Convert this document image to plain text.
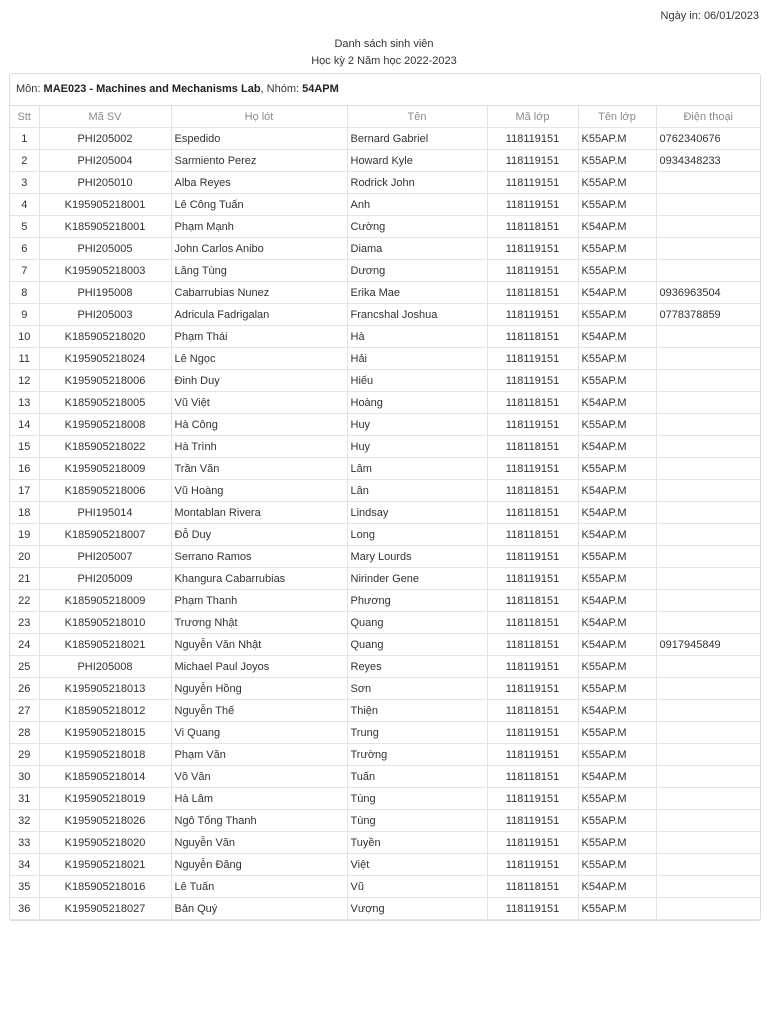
Ngày in: 06/01/2023
Danh sách sinh viên
Học kỳ 2 Năm học 2022-2023
Môn: MAE023 - Machines and Mechanisms Lab, Nhóm: 54APM
Stt	Mã SV	Họ lót	Tên	Mã lớp	Tên lớp	Điện thoại
1	PHI205002	Espedido	Bernard Gabriel	118119151	K55AP.M	0762340676
2	PHI205004	Sarmiento Perez	Howard Kyle	118119151	K55AP.M	0934348233
3	PHI205010	Alba Reyes	Rodrick John	118119151	K55AP.M	
4	K195905218001	Lê Công Tuấn	Anh	118119151	K55AP.M	
5	K185905218001	Phạm Mạnh	Cường	118118151	K54AP.M	
6	PHI205005	John Carlos Anibo	Diama	118119151	K55AP.M	
7	K195905218003	Lăng Tùng	Dương	118119151	K55AP.M	
8	PHI195008	Cabarrubias Nunez	Erika Mae	118118151	K54AP.M	0936963504
9	PHI205003	Adricula Fadrigalan	Francshal Joshua	118119151	K55AP.M	0778378859
10	K185905218020	Phạm Thái	Hà	118118151	K54AP.M	
11	K195905218024	Lê Ngọc	Hải	118119151	K55AP.M	
12	K195905218006	Đinh Duy	Hiếu	118119151	K55AP.M	
13	K185905218005	Vũ Việt	Hoàng	118118151	K54AP.M	
14	K195905218008	Hà Công	Huy	118119151	K55AP.M	
15	K185905218022	Hà Trình	Huy	118118151	K54AP.M	
16	K195905218009	Trần Văn	Lâm	118119151	K55AP.M	
17	K185905218006	Vũ Hoàng	Lân	118118151	K54AP.M	
18	PHI195014	Montablan Rivera	Lindsay	118118151	K54AP.M	
19	K185905218007	Đỗ Duy	Long	118118151	K54AP.M	
20	PHI205007	Serrano Ramos	Mary Lourds	118119151	K55AP.M	
21	PHI205009	Khangura Cabarrubias	Nirinder Gene	118119151	K55AP.M	
22	K185905218009	Phạm Thanh	Phương	118118151	K54AP.M	
23	K185905218010	Trương Nhật	Quang	118118151	K54AP.M	
24	K185905218021	Nguyễn Văn Nhật	Quang	118118151	K54AP.M	0917945849
25	PHI205008	Michael Paul Joyos	Reyes	118119151	K55AP.M	
26	K195905218013	Nguyễn Hồng	Sơn	118119151	K55AP.M	
27	K185905218012	Nguyễn Thế	Thiện	118118151	K54AP.M	
28	K195905218015	Vi Quang	Trung	118119151	K55AP.M	
29	K195905218018	Phạm Văn	Trường	118119151	K55AP.M	
30	K185905218014	Võ Văn	Tuấn	118118151	K54AP.M	
31	K195905218019	Hà Lâm	Tùng	118119151	K55AP.M	
32	K195905218026	Ngô Tống Thanh	Tùng	118119151	K55AP.M	
33	K195905218020	Nguyễn Văn	Tuyền	118119151	K55AP.M	
34	K195905218021	Nguyễn Đăng	Việt	118119151	K55AP.M	
35	K185905218016	Lê Tuấn	Vũ	118118151	K54AP.M	
36	K195905218027	Bản Quý	Vượng	118119151	K55AP.M	
